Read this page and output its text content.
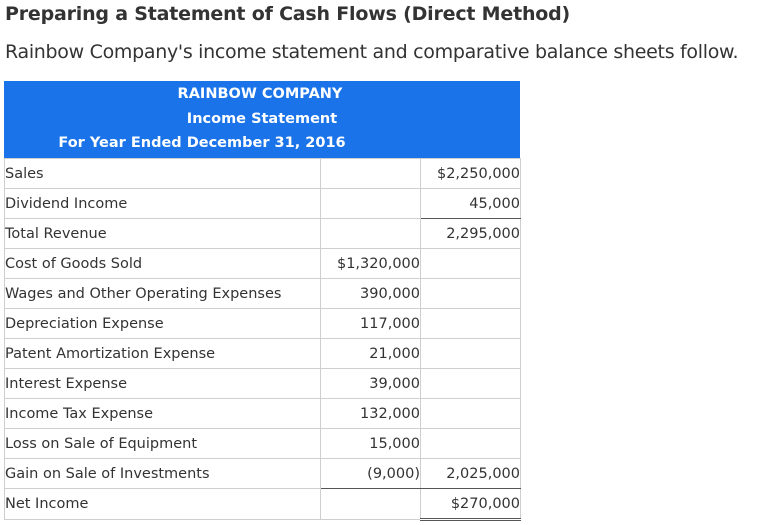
Preparing a Statement of Cash Flows (Direct Method)
Rainbow Company's income statement and comparative balance sheets follow.
RAINBOW COMPANY
Income Statement
For Year Ended December 31, 2016
Sales		$2,250,000
Dividend Income		45,000
Total Revenue		2,295,000
Cost of Goods Sold	$1,320,000	
Wages and Other Operating Expenses	390,000	
Depreciation Expense	117,000	
Patent Amortization Expense	21,000	
Interest Expense	39,000	
Income Tax Expense	132,000	
Loss on Sale of Equipment	15,000	
Gain on Sale of Investments	(9,000)	2,025,000
Net Income		$270,000
